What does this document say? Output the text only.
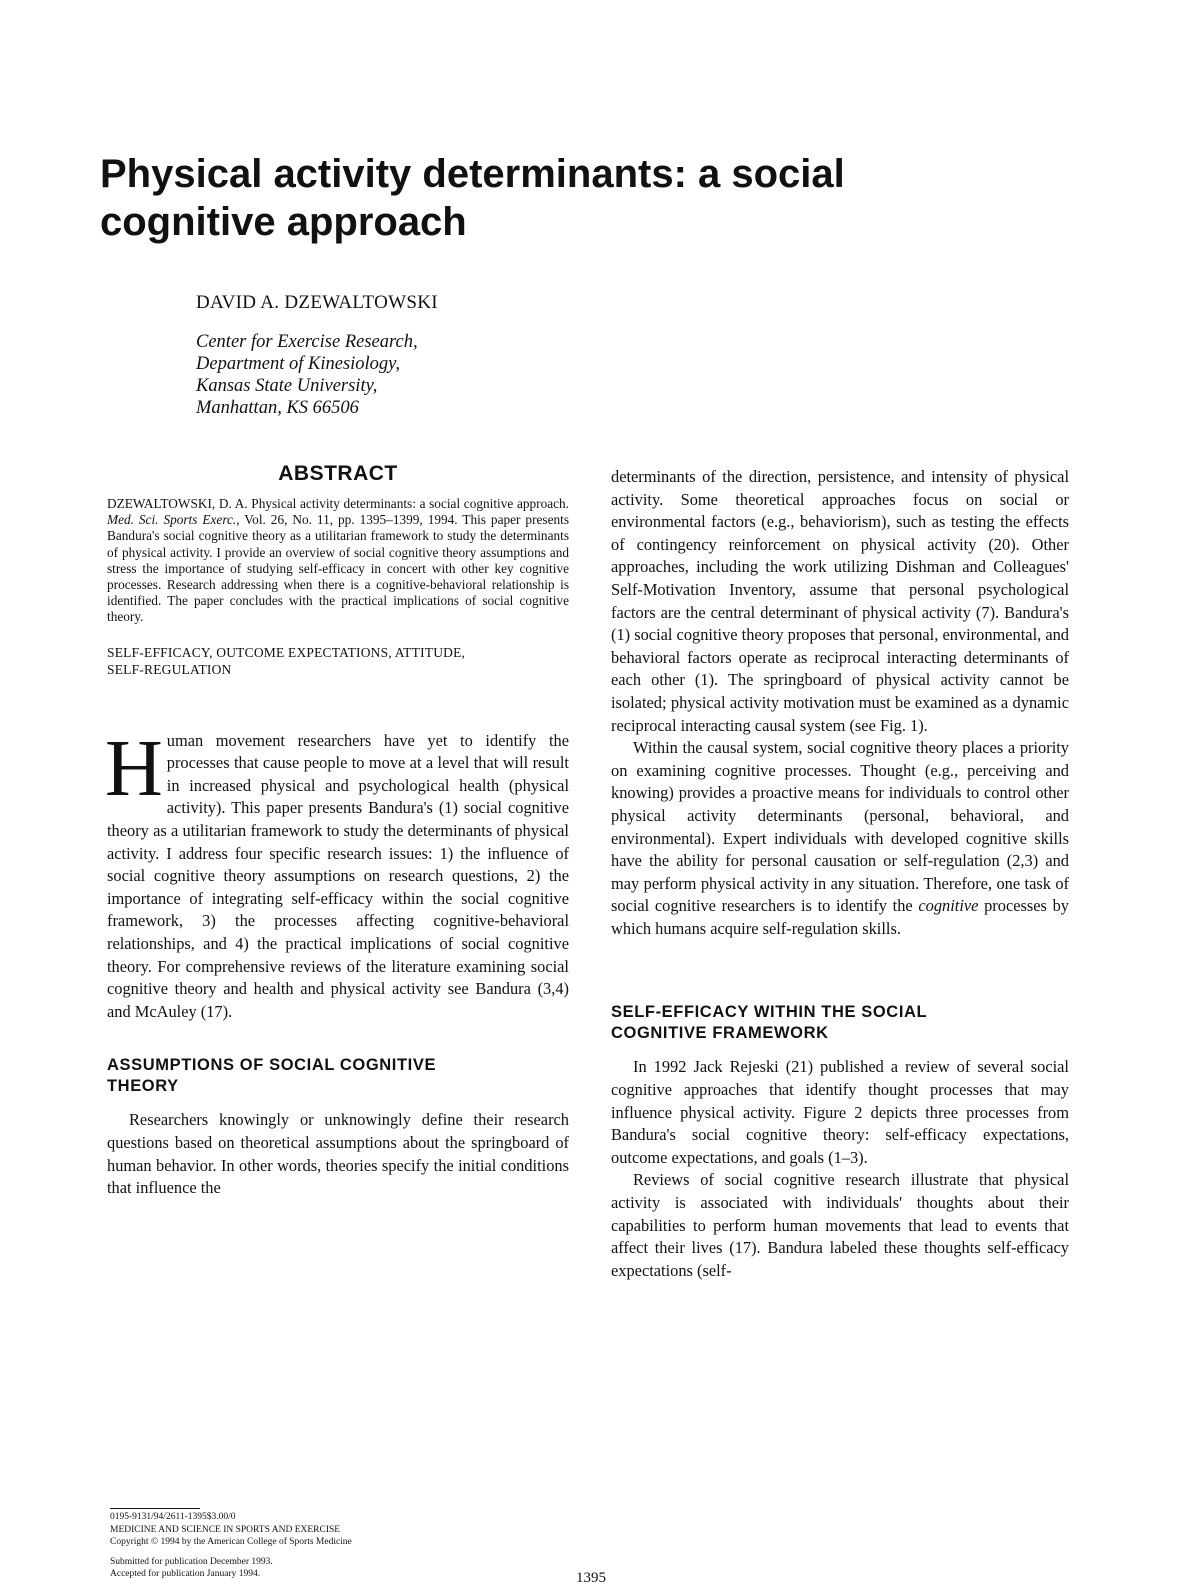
Physical activity determinants: a social
cognitive approach
DAVID A. DZEWALTOWSKI
Center for Exercise Research,
Department of Kinesiology,
Kansas State University,
Manhattan, KS 66506
ABSTRACT

DZEWALTOWSKI, D. A. Physical activity determinants: a social cognitive approach. Med. Sci. Sports Exerc., Vol. 26, No. 11, pp. 1395–1399, 1994. This paper presents Bandura's social cognitive theory as a utilitarian framework to study the determinants of physical activity. I provide an overview of social cognitive theory assumptions and stress the importance of studying self-efficacy in concert with other key cognitive processes. Research addressing when there is a cognitive-behavioral relationship is identified. The paper concludes with the practical implications of social cognitive theory.

SELF-EFFICACY, OUTCOME EXPECTATIONS, ATTITUDE,
SELF-REGULATION

Human movement researchers have yet to identify the processes that cause people to move at a level that will result in increased physical and psychological health (physical activity). This paper presents Bandura's (1) social cognitive theory as a utilitarian framework to study the determinants of physical activity. I address four specific research issues: 1) the influence of social cognitive theory assumptions on research questions, 2) the importance of integrating self-efficacy within the social cognitive framework, 3) the processes affecting cognitive-behavioral relationships, and 4) the practical implications of social cognitive theory. For comprehensive reviews of the literature examining social cognitive theory and health and physical activity see Bandura (3,4) and McAuley (17).

ASSUMPTIONS OF SOCIAL COGNITIVE
THEORY

Researchers knowingly or unknowingly define their research questions based on theoretical assumptions about the springboard of human behavior. In other words, theories specify the initial conditions that influence the

determinants of the direction, persistence, and intensity of physical activity. Some theoretical approaches focus on social or environmental factors (e.g., behaviorism), such as testing the effects of contingency reinforcement on physical activity (20). Other approaches, including the work utilizing Dishman and Colleagues' Self-Motivation Inventory, assume that personal psychological factors are the central determinant of physical activity (7). Bandura's (1) social cognitive theory proposes that personal, environmental, and behavioral factors operate as reciprocal interacting determinants of each other (1). The springboard of physical activity cannot be isolated; physical activity motivation must be examined as a dynamic reciprocal interacting causal system (see Fig. 1).

Within the causal system, social cognitive theory places a priority on examining cognitive processes. Thought (e.g., perceiving and knowing) provides a proactive means for individuals to control other physical activity determinants (personal, behavioral, and environmental). Expert individuals with developed cognitive skills have the ability for personal causation or self-regulation (2,3) and may perform physical activity in any situation. Therefore, one task of social cognitive researchers is to identify the cognitive processes by which humans acquire self-regulation skills.

SELF-EFFICACY WITHIN THE SOCIAL
COGNITIVE FRAMEWORK

In 1992 Jack Rejeski (21) published a review of several social cognitive approaches that identify thought processes that may influence physical activity. Figure 2 depicts three processes from Bandura's social cognitive theory: self-efficacy expectations, outcome expectations, and goals (1–3).

Reviews of social cognitive research illustrate that physical activity is associated with individuals' thoughts about their capabilities to perform human movements that lead to events that affect their lives (17). Bandura labeled these thoughts self-efficacy expectations (self-

0195-9131/94/2611-1395$3.00/0

MEDICINE AND SCIENCE IN SPORTS AND EXERCISE

Copyright © 1994 by the American College of Sports Medicine

Submitted for publication December 1993.

Accepted for publication January 1994.	1395
